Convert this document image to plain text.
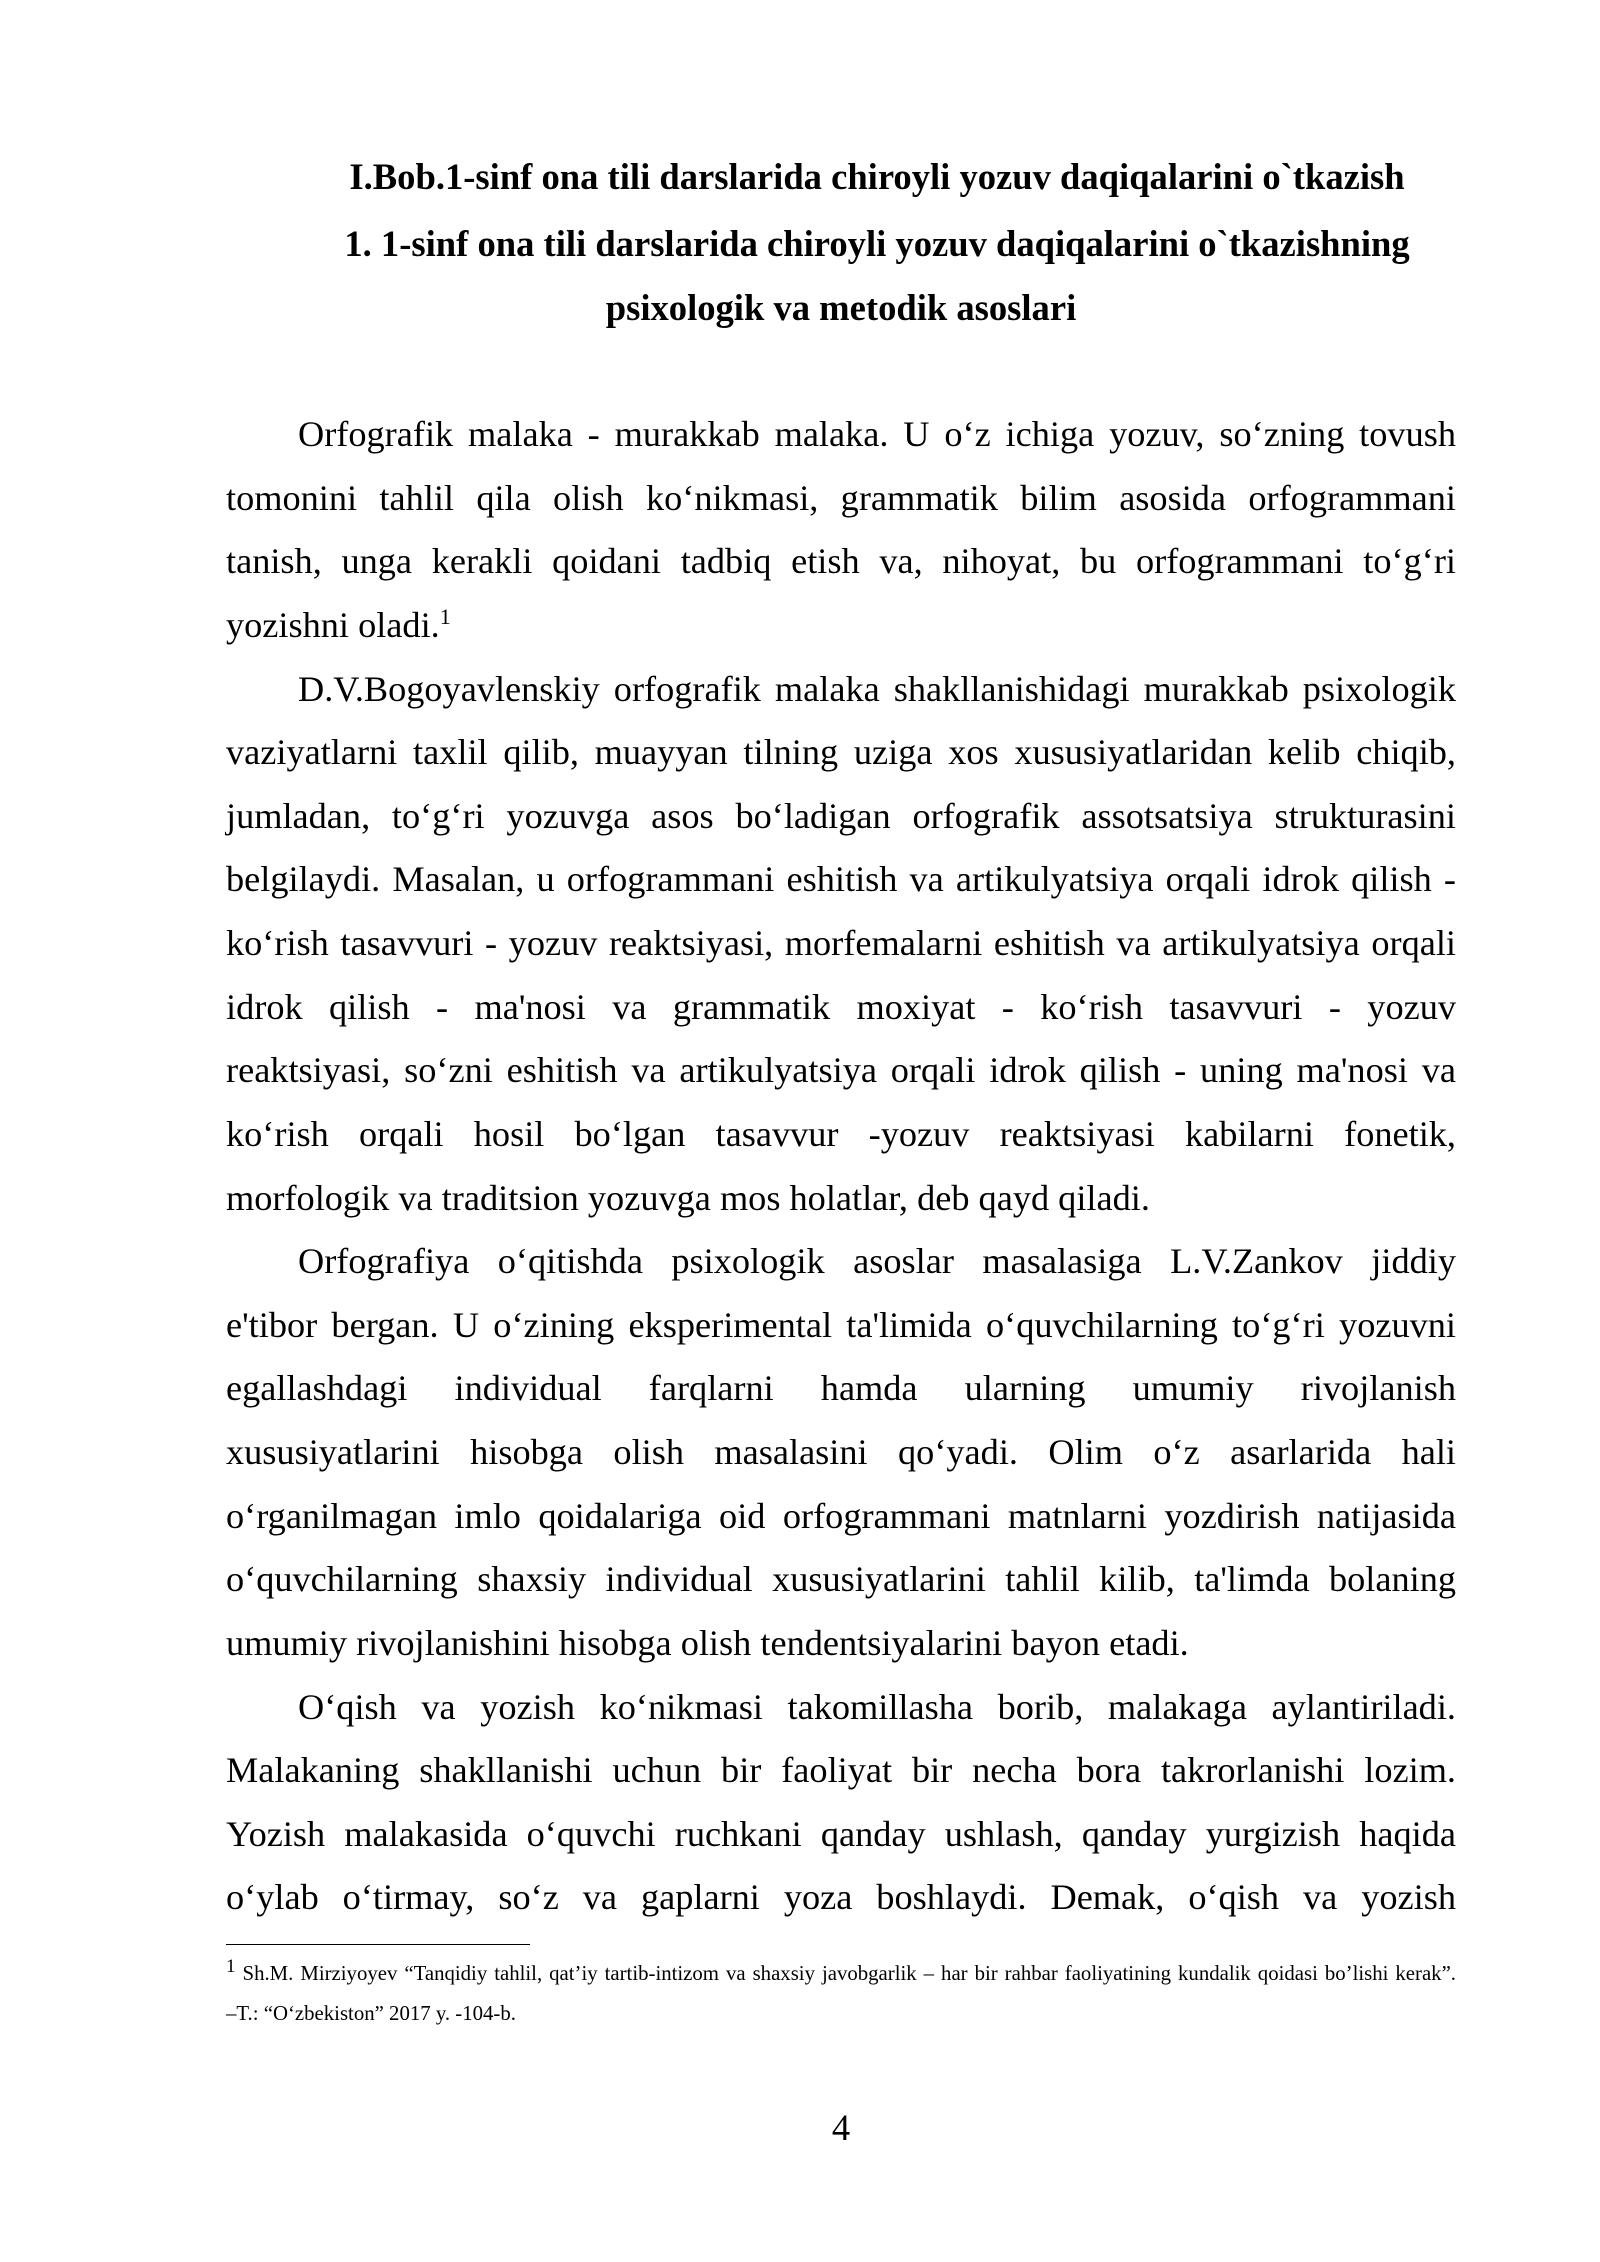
I.Bob.1-sinf ona tili darslarida chiroyli yozuv daqiqalarini o`tkazish
1. 1-sinf ona tili darslarida chiroyli yozuv daqiqalarini o`tkazishning
psixologik va metodik asoslari
Orfografik malaka - murakkab malaka. U o‘z ichiga yozuv, so‘zning tovush
tomonini tahlil qila olish ko‘nikmasi, grammatik bilim asosida orfogrammani
tanish, unga kerakli qoidani tadbiq etish va, nihoyat, bu orfogrammani to‘g‘ri
yozishni oladi.$^1$
D.V.Bogoyavlenskiy orfografik malaka shakllanishidagi murakkab psixologik
vaziyatlarni taxlil qilib, muayyan tilning uziga xos xususiyatlaridan kelib chiqib,
jumladan, to‘g‘ri yozuvga asos bo‘ladigan orfografik assotsatsiya strukturasini
belgilaydi. Masalan, u orfogrammani eshitish va artikulyatsiya orqali idrok qilish -
ko‘rish tasavvuri - yozuv reaktsiyasi, morfemalarni eshitish va artikulyatsiya orqali
idrok qilish - ma'nosi va grammatik moxiyat - ko‘rish tasavvuri - yozuv
reaktsiyasi, so‘zni eshitish va artikulyatsiya orqali idrok qilish - uning ma'nosi va
ko‘rish orqali hosil bo‘lgan tasavvur -yozuv reaktsiyasi kabilarni fonetik,
morfologik va traditsion yozuvga mos holatlar, deb qayd qiladi.
Orfografiya o‘qitishda psixologik asoslar masalasiga L.V.Zankov jiddiy
e'tibor bergan. U o‘zining eksperimental ta'limida o‘quvchilarning to‘g‘ri yozuvni
egallashdagi individual farqlarni hamda ularning umumiy rivojlanish
xususiyatlarini hisobga olish masalasini qo‘yadi. Olim o‘z asarlarida hali
o‘rganilmagan imlo qoidalariga oid orfogrammani matnlarni yozdirish natijasida
o‘quvchilarning shaxsiy individual xususiyatlarini tahlil kilib, ta'limda bolaning
umumiy rivojlanishini hisobga olish tendentsiyalarini bayon etadi.
O‘qish va yozish ko‘nikmasi takomillasha borib, malakaga aylantiriladi.
Malakaning shakllanishi uchun bir faoliyat bir necha bora takrorlanishi lozim.
Yozish malakasida o‘quvchi ruchkani qanday ushlash, qanday yurgizish haqida
o‘ylab o‘tirmay, so‘z va gaplarni yoza boshlaydi. Demak, o‘qish va yozish
1 Sh.M. Mirziyoyev “Tanqidiy tahlil, qat’iy tartib-intizom va shaxsiy javobgarlik – har bir rahbar faoliyatining kundalik qoidasi bo’lishi kerak”.
–T.: “O‘zbekiston” 2017 y. -104-b.
4
